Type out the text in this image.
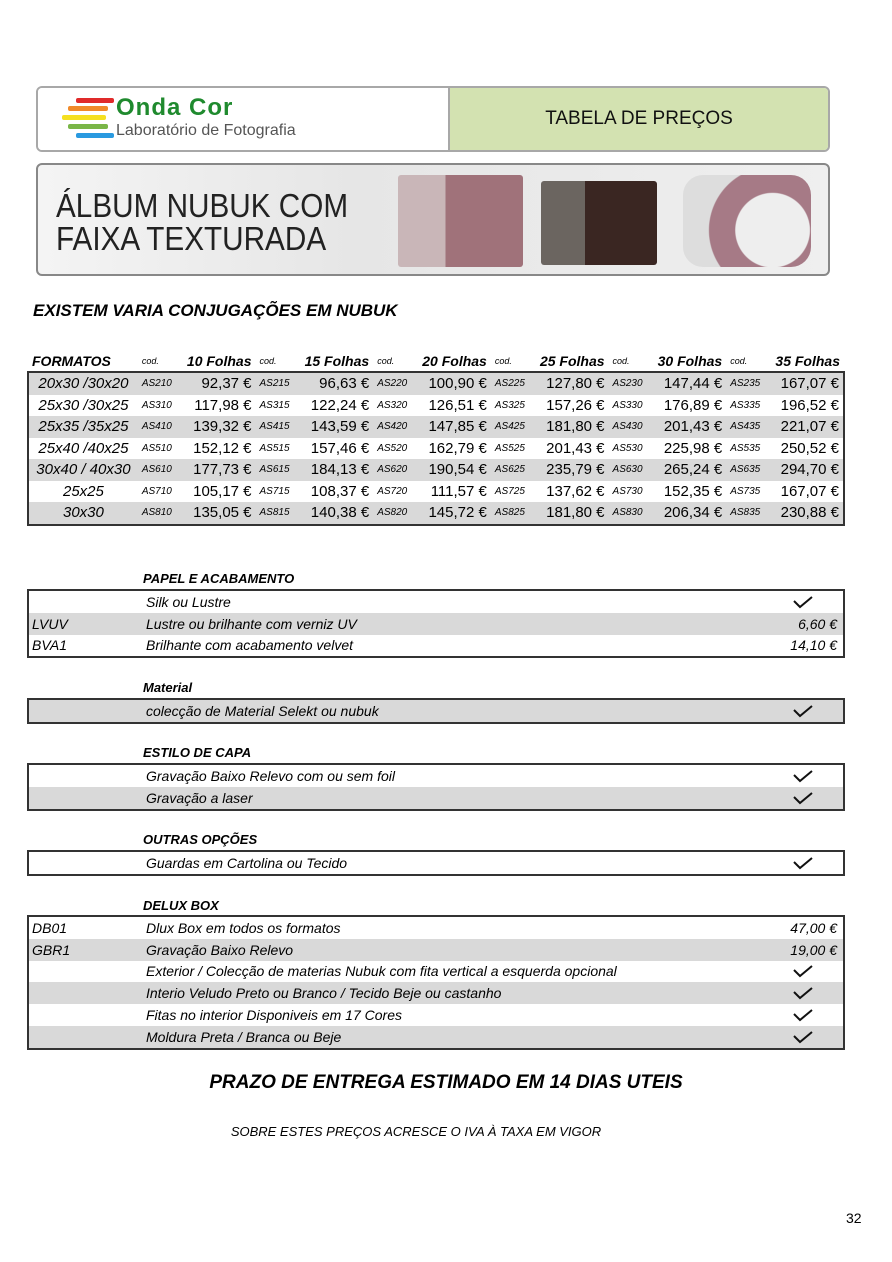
Onda Cor
Laboratório de Fotografia
TABELA DE PREÇOS
ÁLBUM NUBUK COM
FAIXA TEXTURADA
EXISTEM VARIA CONJUGAÇÕES EM NUBUK
FORMATOS	cod.	10 Folhas	cod.	15 Folhas	cod.	20 Folhas	cod.	25 Folhas	cod.	30 Folhas	cod.	35 Folhas
20x30 /30x20	AS210	92,37 €	AS215	96,63 €	AS220	100,90 €	AS225	127,80 €	AS230	147,44 €	AS235	167,07 €
25x30 /30x25	AS310	117,98 €	AS315	122,24 €	AS320	126,51 €	AS325	157,26 €	AS330	176,89 €	AS335	196,52 €
25x35 /35x25	AS410	139,32 €	AS415	143,59 €	AS420	147,85 €	AS425	181,80 €	AS430	201,43 €	AS435	221,07 €
25x40 /40x25	AS510	152,12 €	AS515	157,46 €	AS520	162,79 €	AS525	201,43 €	AS530	225,98 €	AS535	250,52 €
30x40 / 40x30	AS610	177,73 €	AS615	184,13 €	AS620	190,54 €	AS625	235,79 €	AS630	265,24 €	AS635	294,70 €
25x25	AS710	105,17 €	AS715	108,37 €	AS720	111,57 €	AS725	137,62 €	AS730	152,35 €	AS735	167,07 €
30x30	AS810	135,05 €	AS815	140,38 €	AS820	145,72 €	AS825	181,80 €	AS830	206,34 €	AS835	230,88 €
PAPEL E ACABAMENTO
Silk ou Lustre
LVUV	Lustre ou brilhante com verniz UV	6,60 €
BVA1	Brilhante com acabamento velvet	14,10 €
Material
colecção de Material Selekt ou nubuk
ESTILO DE CAPA
Gravação Baixo Relevo com ou sem foil
Gravação a laser
OUTRAS OPÇÕES
Guardas em Cartolina ou Tecido
DELUX BOX
DB01	Dlux Box em todos os formatos	47,00 €
GBR1	Gravação Baixo Relevo	19,00 €
Exterior / Colecção de materias Nubuk com fita vertical a esquerda opcional
Interio Veludo Preto ou Branco / Tecido Beje ou castanho
Fitas no interior Disponiveis em 17 Cores
Moldura Preta / Branca ou Beje
PRAZO DE ENTREGA ESTIMADO EM 14 DIAS UTEIS
SOBRE ESTES PREÇOS ACRESCE O IVA À TAXA EM VIGOR
32
